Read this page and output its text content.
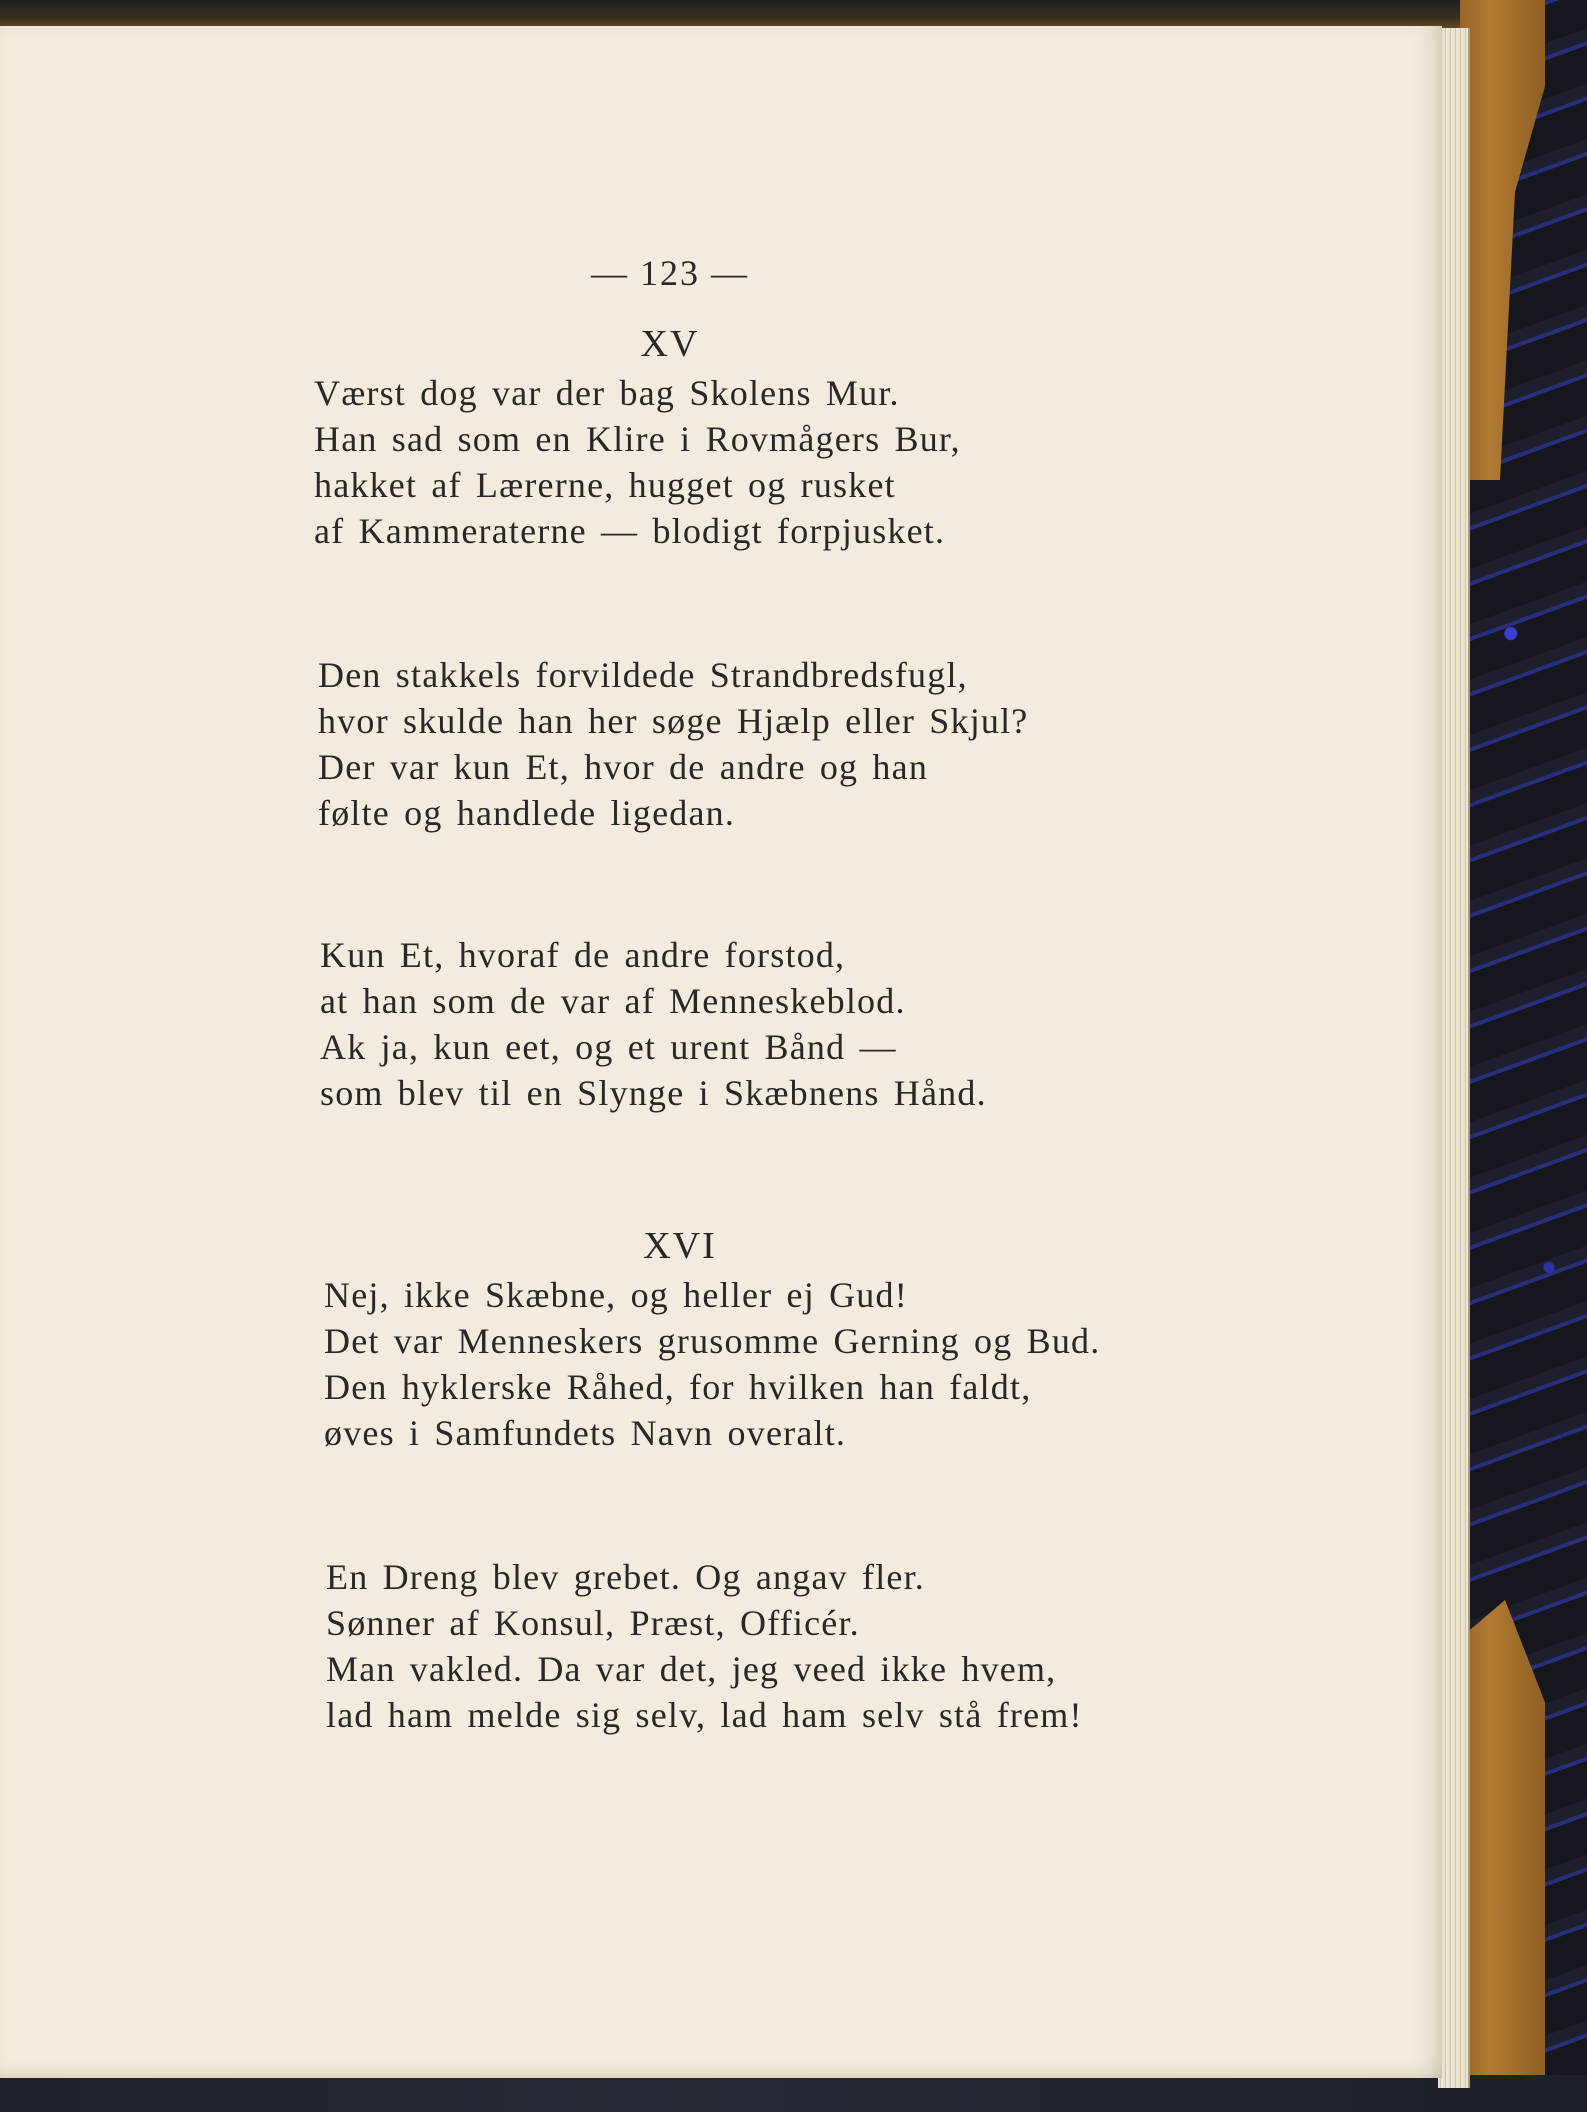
— 123 —
XV
Værst dog var der bag Skolens Mur.
Han sad som en Klire i Rovmågers Bur,
hakket af Lærerne, hugget og rusket
af Kammeraterne — blodigt forpjusket.
Den stakkels forvildede Strandbredsfugl,
hvor skulde han her søge Hjælp eller Skjul?
Der var kun Et, hvor de andre og han
følte og handlede ligedan.
Kun Et, hvoraf de andre forstod,
at han som de var af Menneskeblod.
Ak ja, kun eet, og et urent Bånd —
som blev til en Slynge i Skæbnens Hånd.
XVI
Nej, ikke Skæbne, og heller ej Gud!
Det var Menneskers grusomme Gerning og Bud.
Den hyklerske Råhed, for hvilken han faldt,
øves i Samfundets Navn overalt.
En Dreng blev grebet. Og angav fler.
Sønner af Konsul, Præst, Officér.
Man vakled. Da var det, jeg veed ikke hvem,
lad ham melde sig selv, lad ham selv stå frem!
